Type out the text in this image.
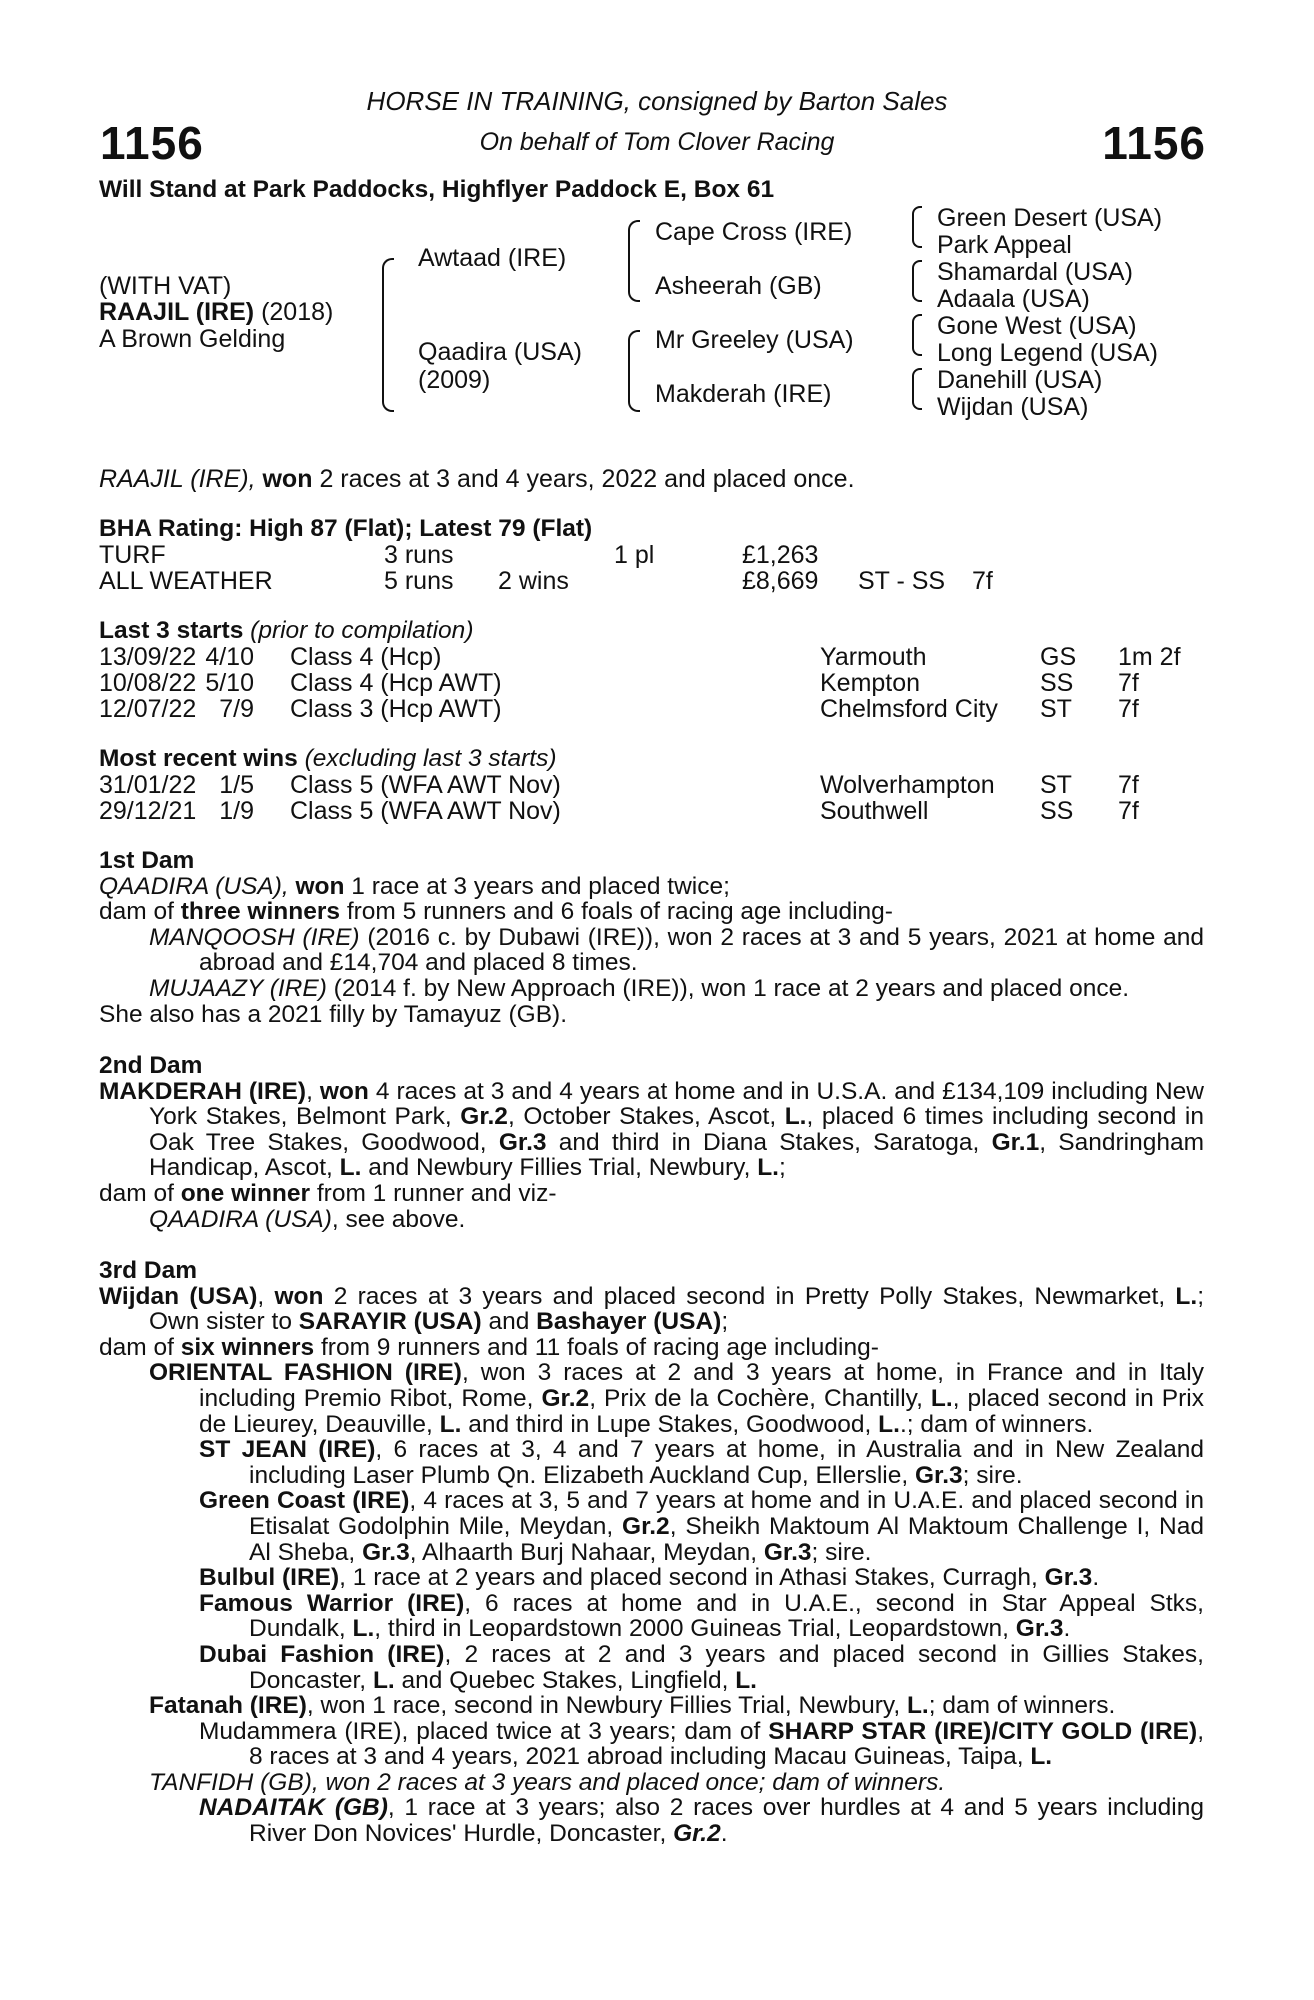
1156	1156
HORSE IN TRAINING, consigned by Barton Sales
On behalf of Tom Clover Racing
Will Stand at Park Paddocks, Highflyer Paddock E, Box 61
(WITH VAT)
RAAJIL (IRE) (2018)
A Brown Gelding
Awtaad (IRE)
Qaadira (USA)
(2009)
Cape Cross (IRE)
Asheerah (GB)
Mr Greeley (USA)
Makderah (IRE)
Green Desert (USA)
Park Appeal
Shamardal (USA)
Adaala (USA)
Gone West (USA)
Long Legend (USA)
Danehill (USA)
Wijdan (USA)
RAAJIL (IRE), won 2 races at 3 and 4 years, 2022 and placed once.
BHA Rating: High 87 (Flat); Latest 79 (Flat)
TURF	3 runs	1 pl	£1,263
ALL WEATHER	5 runs 2 wins	£8,669 ST - SS 7f
Last 3 starts (prior to compilation)
13/09/22 4/10 Class 4 (Hcp)	Yarmouth	GS 1m 2f
10/08/22 5/10 Class 4 (Hcp AWT)	Kempton	SS 7f
12/07/22 7/9 Class 3 (Hcp AWT)	Chelmsford City ST 7f
Most recent wins (excluding last 3 starts)
31/01/22 1/5 Class 5 (WFA AWT Nov)	Wolverhampton ST 7f
29/12/21 1/9 Class 5 (WFA AWT Nov)	Southwell	SS 7f

1st Dam

QAADIRA (USA), won 1 race at 3 years and placed twice;

dam of three winners from 5 runners and 6 foals of racing age including-

MANQOOSH (IRE) (2016 c. by Dubawi (IRE)), won 2 races at 3 and 5 years, 2021 at home and abroad and £14,704 and placed 8 times.

MUJAAZY (IRE) (2014 f. by New Approach (IRE)), won 1 race at 2 years and placed once.

She also has a 2021 filly by Tamayuz (GB).

2nd Dam

MAKDERAH (IRE), won 4 races at 3 and 4 years at home and in U.S.A. and £134,109 including New York Stakes, Belmont Park, Gr.2, October Stakes, Ascot, L., placed 6 times including second in Oak Tree Stakes, Goodwood, Gr.3 and third in Diana Stakes, Saratoga, Gr.1, Sandringham Handicap, Ascot, L. and Newbury Fillies Trial, Newbury, L.;

dam of one winner from 1 runner and viz-

QAADIRA (USA), see above.

3rd Dam

Wijdan (USA), won 2 races at 3 years and placed second in Pretty Polly Stakes, Newmarket, L.; Own sister to SARAYIR (USA) and Bashayer (USA);

dam of six winners from 9 runners and 11 foals of racing age including-

ORIENTAL FASHION (IRE), won 3 races at 2 and 3 years at home, in France and in Italy including Premio Ribot, Rome, Gr.2, Prix de la Cochère, Chantilly, L., placed second in Prix de Lieurey, Deauville, L. and third in Lupe Stakes, Goodwood, L..; dam of winners.

ST JEAN (IRE), 6 races at 3, 4 and 7 years at home, in Australia and in New Zealand including Laser Plumb Qn. Elizabeth Auckland Cup, Ellerslie, Gr.3; sire.

Green Coast (IRE), 4 races at 3, 5 and 7 years at home and in U.A.E. and placed second in Etisalat Godolphin Mile, Meydan, Gr.2, Sheikh Maktoum Al Maktoum Challenge I, Nad Al Sheba, Gr.3, Alhaarth Burj Nahaar, Meydan, Gr.3; sire.

Bulbul (IRE), 1 race at 2 years and placed second in Athasi Stakes, Curragh, Gr.3.

Famous Warrior (IRE), 6 races at home and in U.A.E., second in Star Appeal Stks, Dundalk, L., third in Leopardstown 2000 Guineas Trial, Leopardstown, Gr.3.

Dubai Fashion (IRE), 2 races at 2 and 3 years and placed second in Gillies Stakes, Doncaster, L. and Quebec Stakes, Lingfield, L.

Fatanah (IRE), won 1 race, second in Newbury Fillies Trial, Newbury, L.; dam of winners.

Mudammera (IRE), placed twice at 3 years; dam of SHARP STAR (IRE)/CITY GOLD (IRE), 8 races at 3 and 4 years, 2021 abroad including Macau Guineas, Taipa, L.

TANFIDH (GB), won 2 races at 3 years and placed once; dam of winners.

NADAITAK (GB), 1 race at 3 years; also 2 races over hurdles at 4 and 5 years including River Don Novices' Hurdle, Doncaster, Gr.2.
